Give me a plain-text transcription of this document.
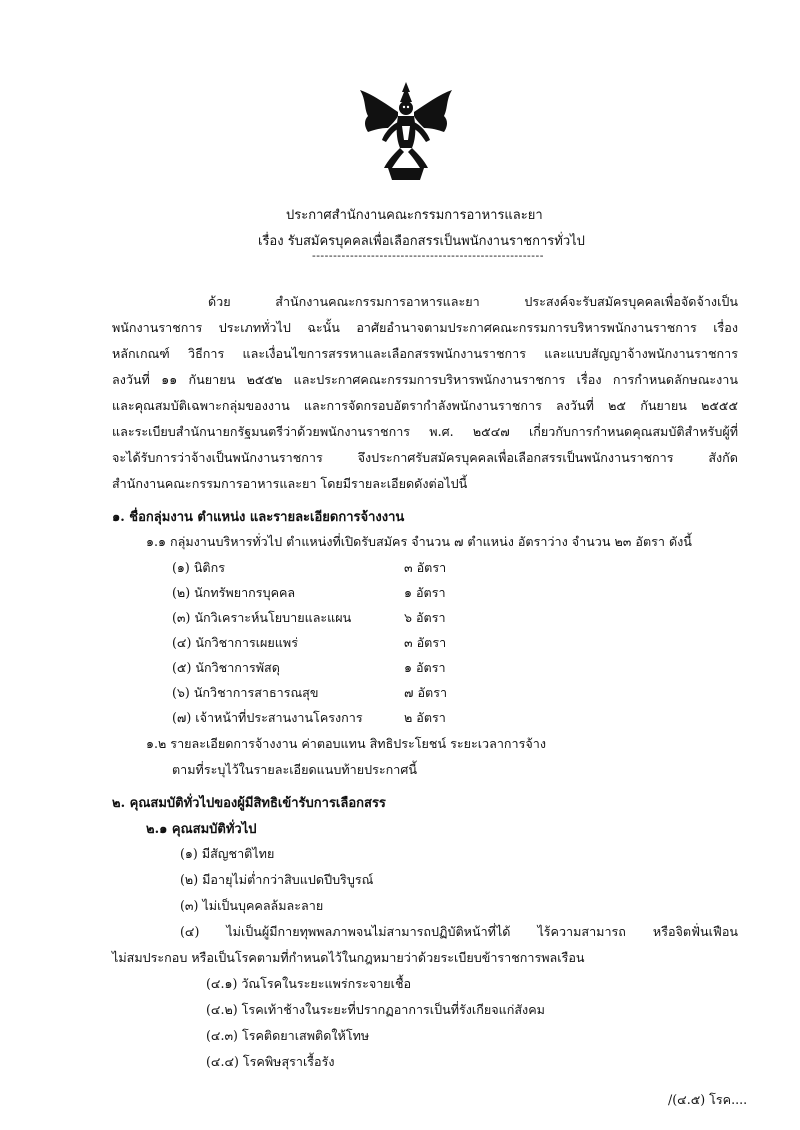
ประกาศสำนักงานคณะกรรมการอาหารและยา
เรื่อง รับสมัครบุคคลเพื่อเลือกสรรเป็นพนักงานราชการทั่วไป
-------------------------------------------------------
ด้วย สำนักงานคณะกรรมการอาหารและยา ประสงค์จะรับสมัครบุคคลเพื่อจัดจ้างเป็น
พนักงานราชการ ประเภททั่วไป ฉะนั้น อาศัยอำนาจตามประกาศคณะกรรมการบริหารพนักงานราชการ เรื่อง
หลักเกณฑ์ วิธีการ และเงื่อนไขการสรรหาและเลือกสรรพนักงานราชการ และแบบสัญญาจ้างพนักงานราชการ
ลงวันที่ ๑๑ กันยายน ๒๕๕๒ และประกาศคณะกรรมการบริหารพนักงานราชการ เรื่อง การกำหนดลักษณะงาน
และคุณสมบัติเฉพาะกลุ่มของงาน และการจัดกรอบอัตรากำลังพนักงานราชการ ลงวันที่ ๒๕ กันยายน ๒๕๕๕
และระเบียบสำนักนายกรัฐมนตรีว่าด้วยพนักงานราชการ พ.ศ. ๒๕๔๗ เกี่ยวกับการกำหนดคุณสมบัติสำหรับผู้ที่
จะได้รับการว่าจ้างเป็นพนักงานราชการ จึงประกาศรับสมัครบุคคลเพื่อเลือกสรรเป็นพนักงานราชการ สังกัด
สำนักงานคณะกรรมการอาหารและยา โดยมีรายละเอียดดังต่อไปนี้
๑. ชื่อกลุ่มงาน ตำแหน่ง และรายละเอียดการจ้างงาน
๑.๑ กลุ่มงานบริหารทั่วไป ตำแหน่งที่เปิดรับสมัคร จำนวน ๗ ตำแหน่ง อัตราว่าง จำนวน ๒๓ อัตรา ดังนี้
(๑) นิติกร	๓ อัตรา
(๒) นักทรัพยากรบุคคล	๑ อัตรา
(๓) นักวิเคราะห์นโยบายและแผน	๖ อัตรา
(๔) นักวิชาการเผยแพร่	๓ อัตรา
(๕) นักวิชาการพัสดุ	๑ อัตรา
(๖) นักวิชาการสาธารณสุข	๗ อัตรา
(๗) เจ้าหน้าที่ประสานงานโครงการ	๒ อัตรา
๑.๒ รายละเอียดการจ้างงาน ค่าตอบแทน สิทธิประโยชน์ ระยะเวลาการจ้าง
ตามที่ระบุไว้ในรายละเอียดแนบท้ายประกาศนี้
๒. คุณสมบัติทั่วไปของผู้มีสิทธิเข้ารับการเลือกสรร
๒.๑ คุณสมบัติทั่วไป
(๑) มีสัญชาติไทย
(๒) มีอายุไม่ต่ำกว่าสิบแปดปีบริบูรณ์
(๓) ไม่เป็นบุคคลล้มละลาย
(๔) ไม่เป็นผู้มีกายทุพพลภาพจนไม่สามารถปฏิบัติหน้าที่ได้ ไร้ความสามารถ หรือจิตฟั่นเฟือน
ไม่สมประกอบ หรือเป็นโรคตามที่กำหนดไว้ในกฎหมายว่าด้วยระเบียบข้าราชการพลเรือน
(๔.๑) วัณโรคในระยะแพร่กระจายเชื้อ
(๔.๒) โรคเท้าช้างในระยะที่ปรากฏอาการเป็นที่รังเกียจแก่สังคม
(๔.๓) โรคติดยาเสพติดให้โทษ
(๔.๔) โรคพิษสุราเรื้อรัง
/(๔.๕) โรค....
